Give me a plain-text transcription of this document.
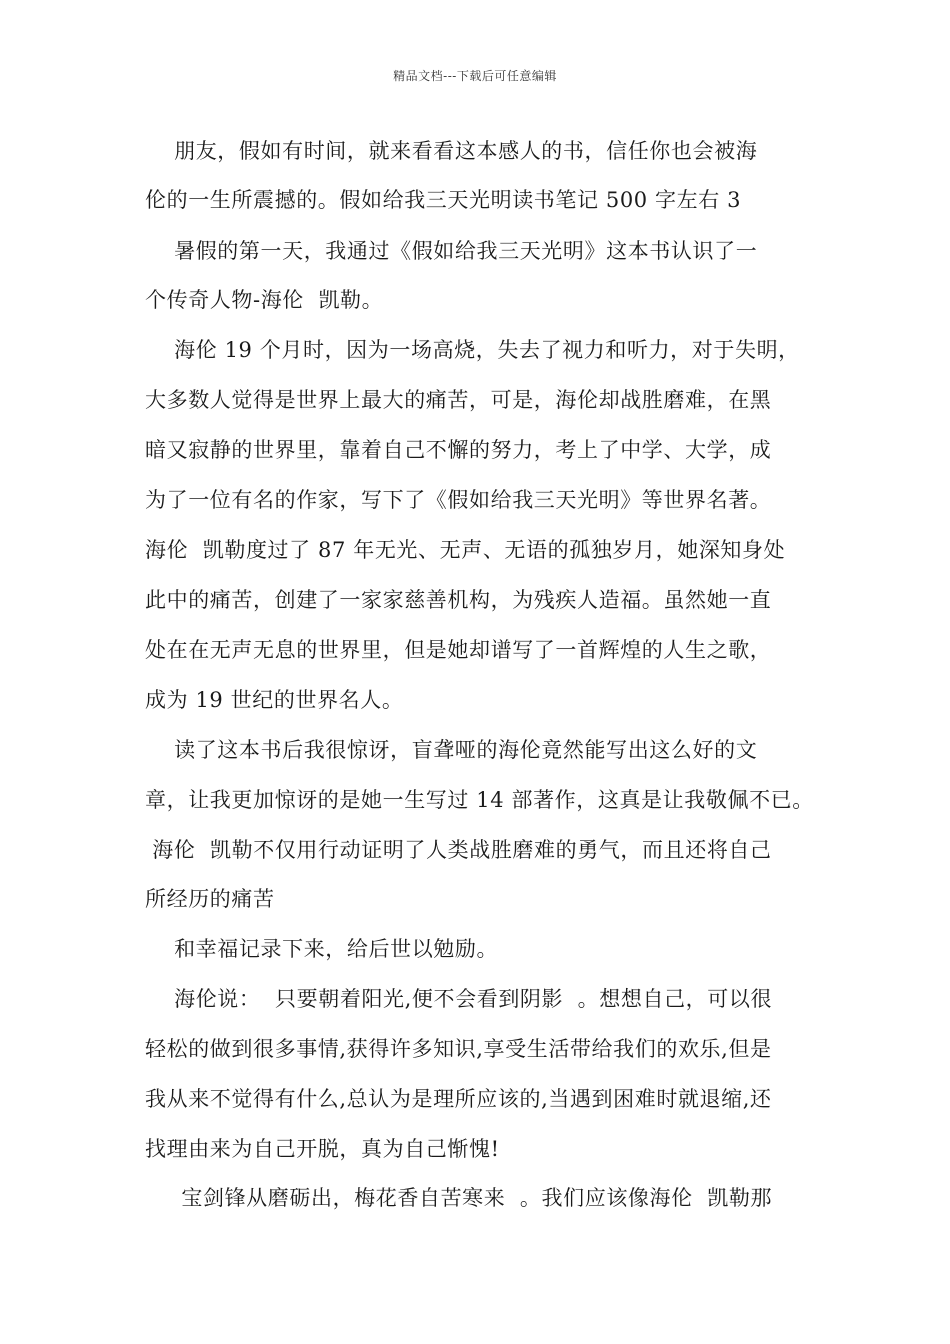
精品文档---下载后可任意编辑
朋友，假如有时间，就来看看这本感人的书，信任你也会被海
伦的一生所震撼的。假如给我三天光明读书笔记 500 字左右 3
暑假的第一天，我通过《假如给我三天光明》这本书认识了一
个传奇人物-海伦  凯勒。
海伦 19 个月时，因为一场高烧，失去了视力和听力，对于失明，
大多数人觉得是世界上最大的痛苦，可是，海伦却战胜磨难，在黑
暗又寂静的世界里，靠着自己不懈的努力，考上了中学、大学，成
为了一位有名的作家，写下了《假如给我三天光明》等世界名著。
海伦  凯勒度过了 87 年无光、无声、无语的孤独岁月，她深知身处
此中的痛苦，创建了一家家慈善机构，为残疾人造福。虽然她一直
处在在无声无息的世界里，但是她却谱写了一首辉煌的人生之歌，
成为 19 世纪的世界名人。
读了这本书后我很惊讶，盲聋哑的海伦竟然能写出这么好的文
章，让我更加惊讶的是她一生写过 14 部著作，这真是让我敬佩不已。
海伦  凯勒不仅用行动证明了人类战胜磨难的勇气，而且还将自己
所经历的痛苦
和幸福记录下来，给后世以勉励。
海伦说：  只要朝着阳光,便不会看到阴影  。想想自己，可以很
轻松的做到很多事情,获得许多知识,享受生活带给我们的欢乐,但是
我从来不觉得有什么,总认为是理所应该的,当遇到困难时就退缩,还
找理由来为自己开脱，真为自己惭愧!
宝剑锋从磨砺出，梅花香自苦寒来  。我们应该像海伦  凯勒那
